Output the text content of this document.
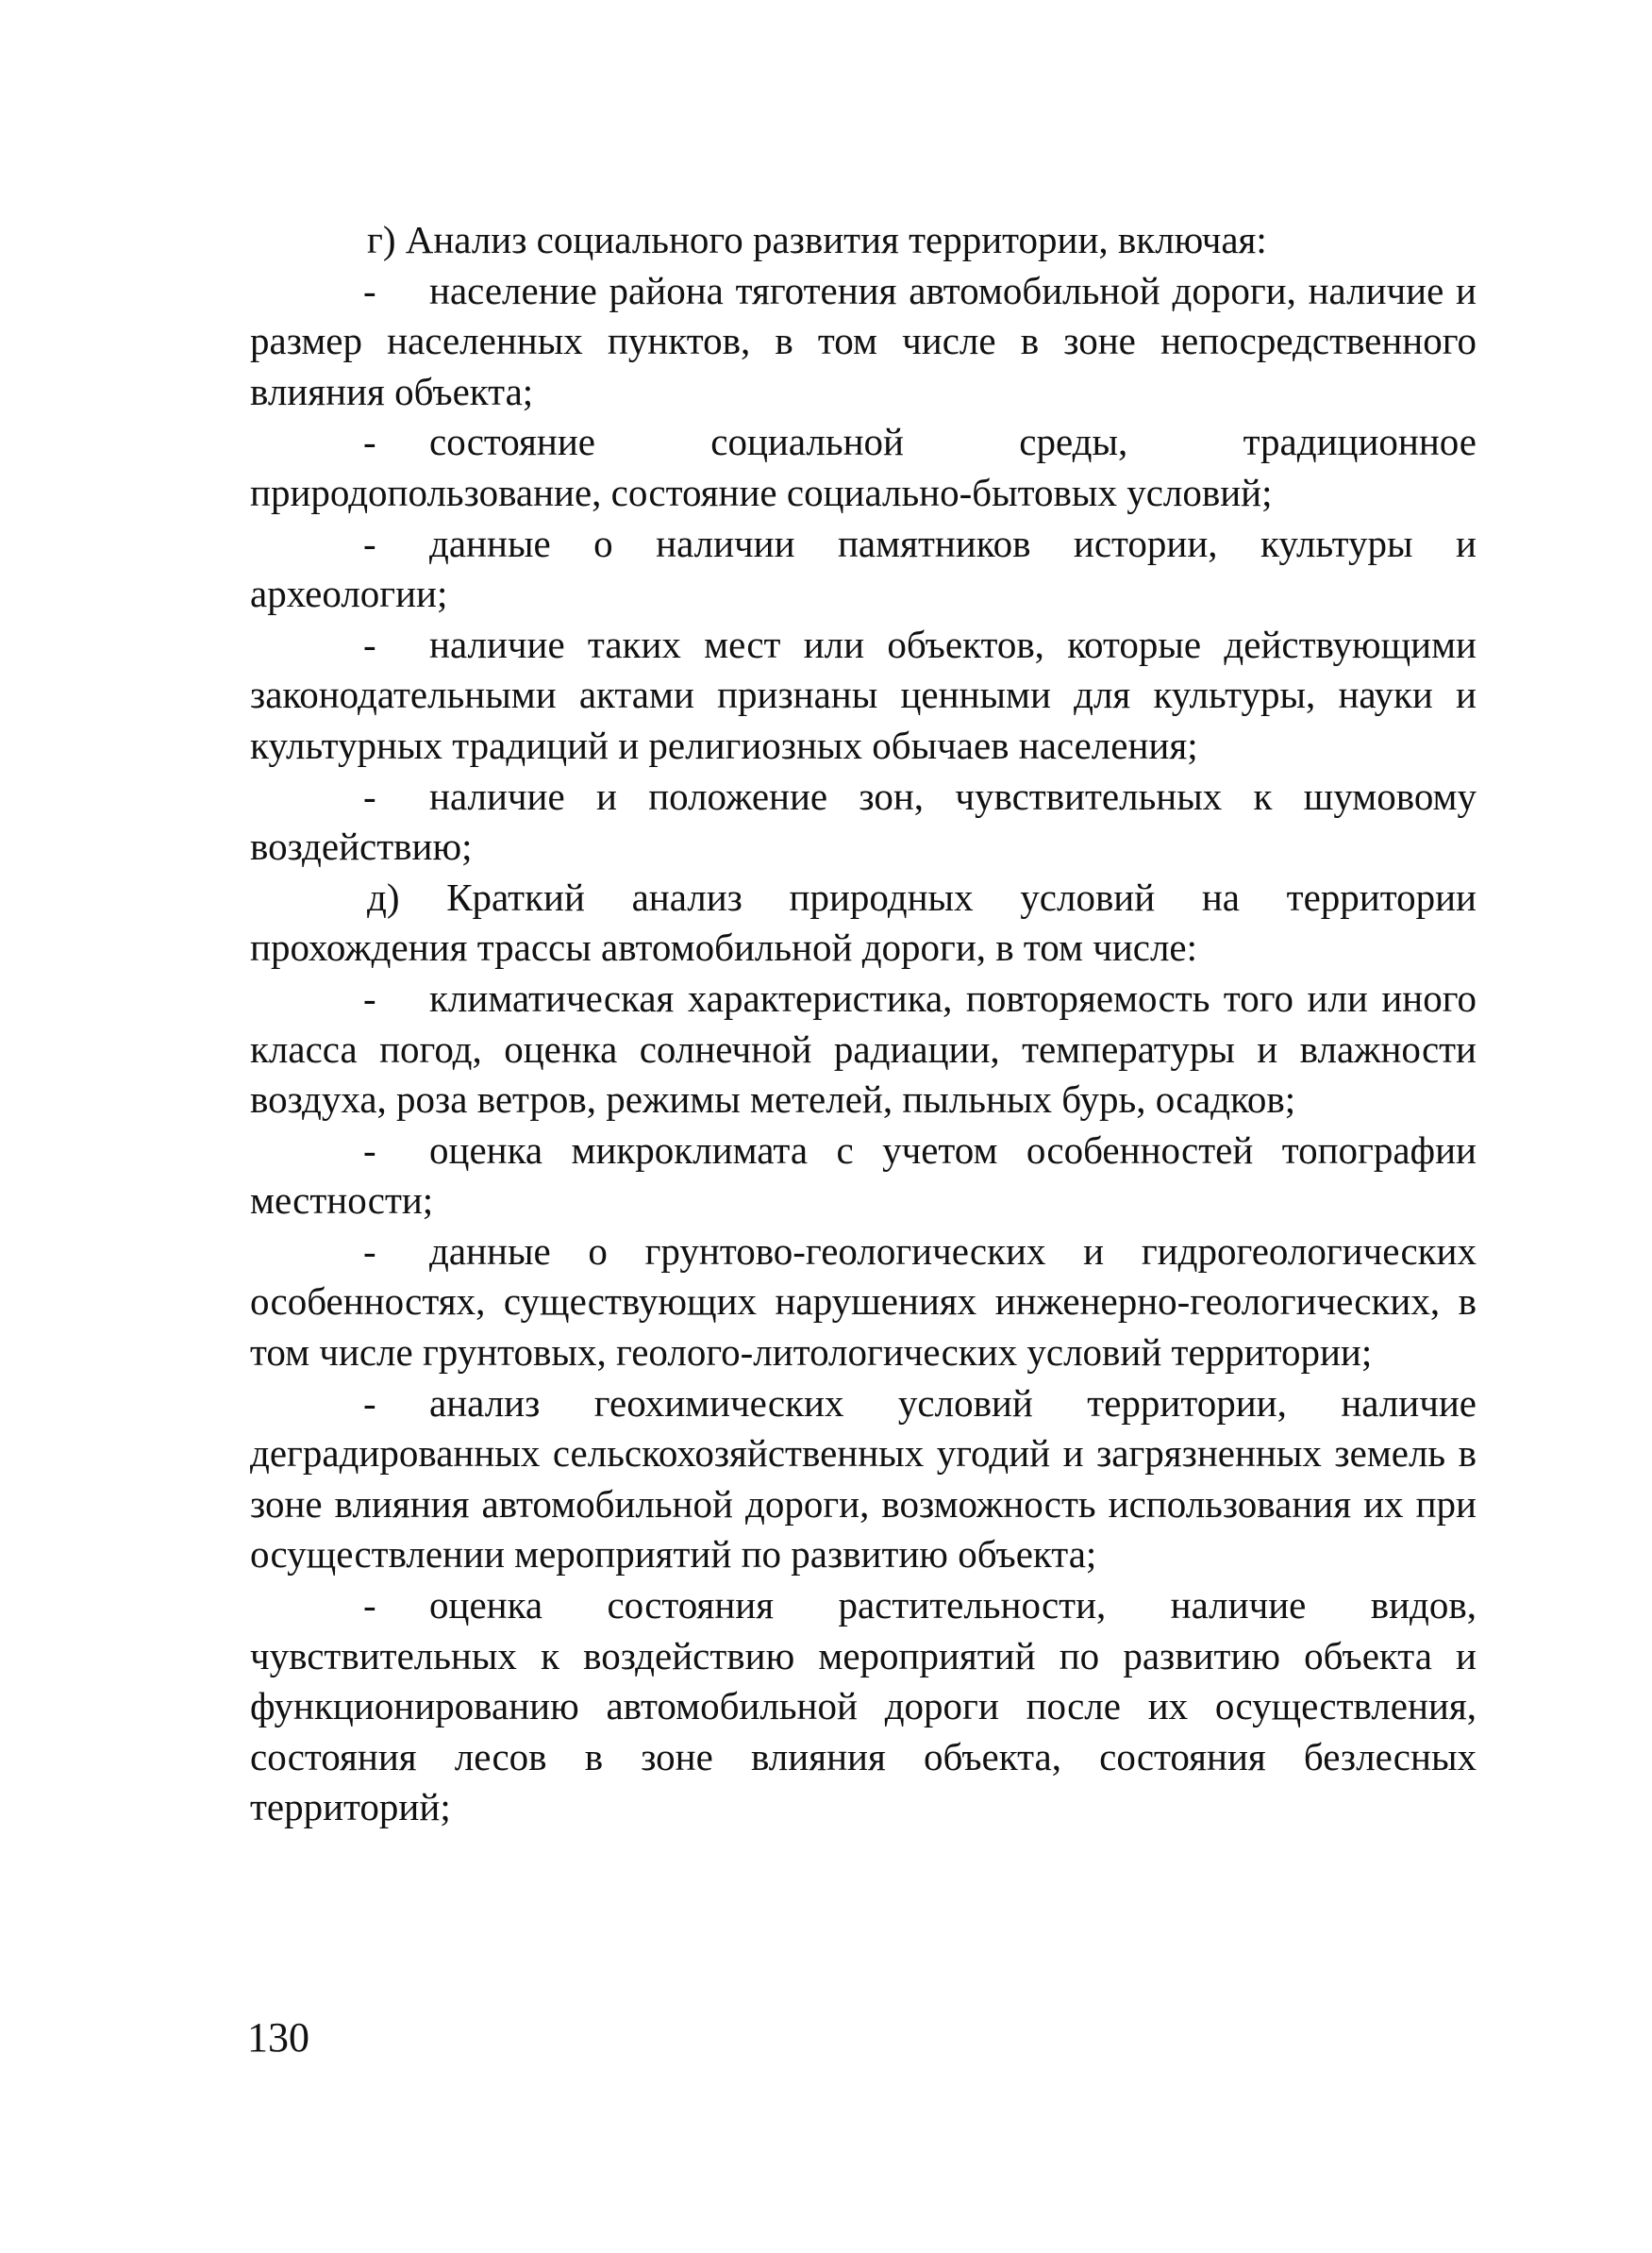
г) Анализ социального развития территории, включая:

- население района тяготения автомобильной дороги, наличие и размер населенных пунктов, в том числе в зоне непосредственного влияния объекта;

- состояние социальной среды, традиционное природопользование, состояние социально-бытовых условий;

- данные о наличии памятников истории, культуры и археологии;

- наличие таких мест или объектов, которые действующими законодательными актами признаны ценными для культуры, науки и культурных традиций и религиозных обычаев населения;

- наличие и положение зон, чувствительных к шумовому воздействию;

д) Краткий анализ природных условий на территории прохождения трассы автомобильной дороги, в том числе:

- климатическая характеристика, повторяемость того или иного класса погод, оценка солнечной радиации, температуры и влажности воздуха, роза ветров, режимы метелей, пыльных бурь, осадков;

- оценка микроклимата с учетом особенностей топографии местности;

- данные о грунтово-геологических и гидрогеологических особенностях, существующих нарушениях инженерно-геологических, в том числе грунтовых, геолого-литологических условий территории;

- анализ геохимических условий территории, наличие деградированных сельскохозяйственных угодий и загрязненных земель в зоне влияния автомобильной дороги, возможность использования их при осуществлении мероприятий по развитию объекта;

- оценка состояния растительности, наличие видов, чувствительных к воздействию мероприятий по развитию объекта и функционированию автомобильной дороги после их осуществления, состояния лесов в зоне влияния объекта, состояния безлесных территорий;

130
